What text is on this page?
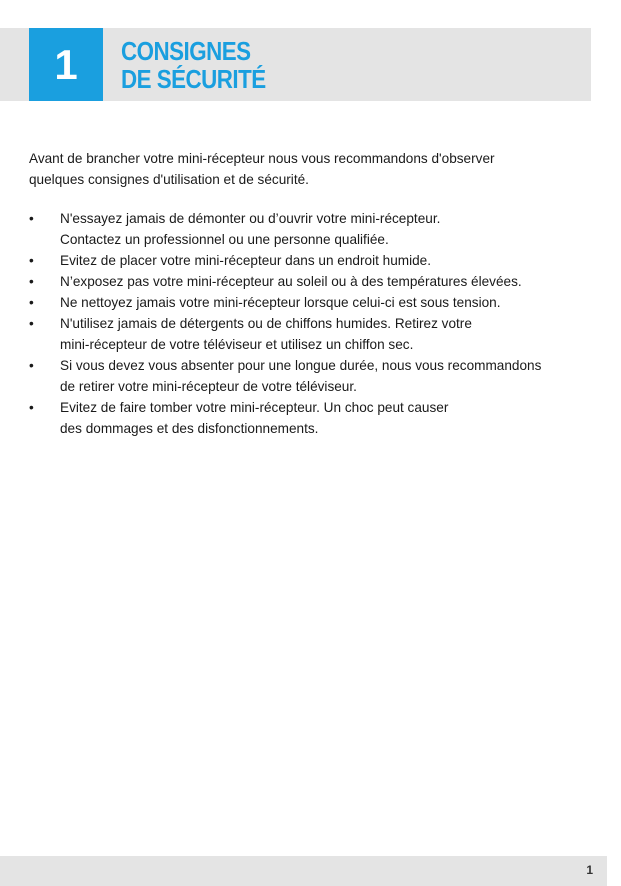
1	CONSIGNES
DE SÉCURITÉ

Avant de brancher votre mini-récepteur nous vous recommandons d'observer
quelques consignes d'utilisation et de sécurité.

•	N'essayez jamais de démonter ou d’ouvrir votre mini-récepteur.
Contactez un professionnel ou une personne qualifiée.
•	Evitez de placer votre mini-récepteur dans un endroit humide.
•	N’exposez pas votre mini-récepteur au soleil ou à des températures élevées.
•	Ne nettoyez jamais votre mini-récepteur lorsque celui-ci est sous tension.
•	N'utilisez jamais de détergents ou de chiffons humides. Retirez votre
mini-récepteur de votre téléviseur et utilisez un chiffon sec.
•	Si vous devez vous absenter pour une longue durée, nous vous recommandons
de retirer votre mini-récepteur de votre téléviseur.
•	Evitez de faire tomber votre mini-récepteur. Un choc peut causer
des dommages et des disfonctionnements.
1
